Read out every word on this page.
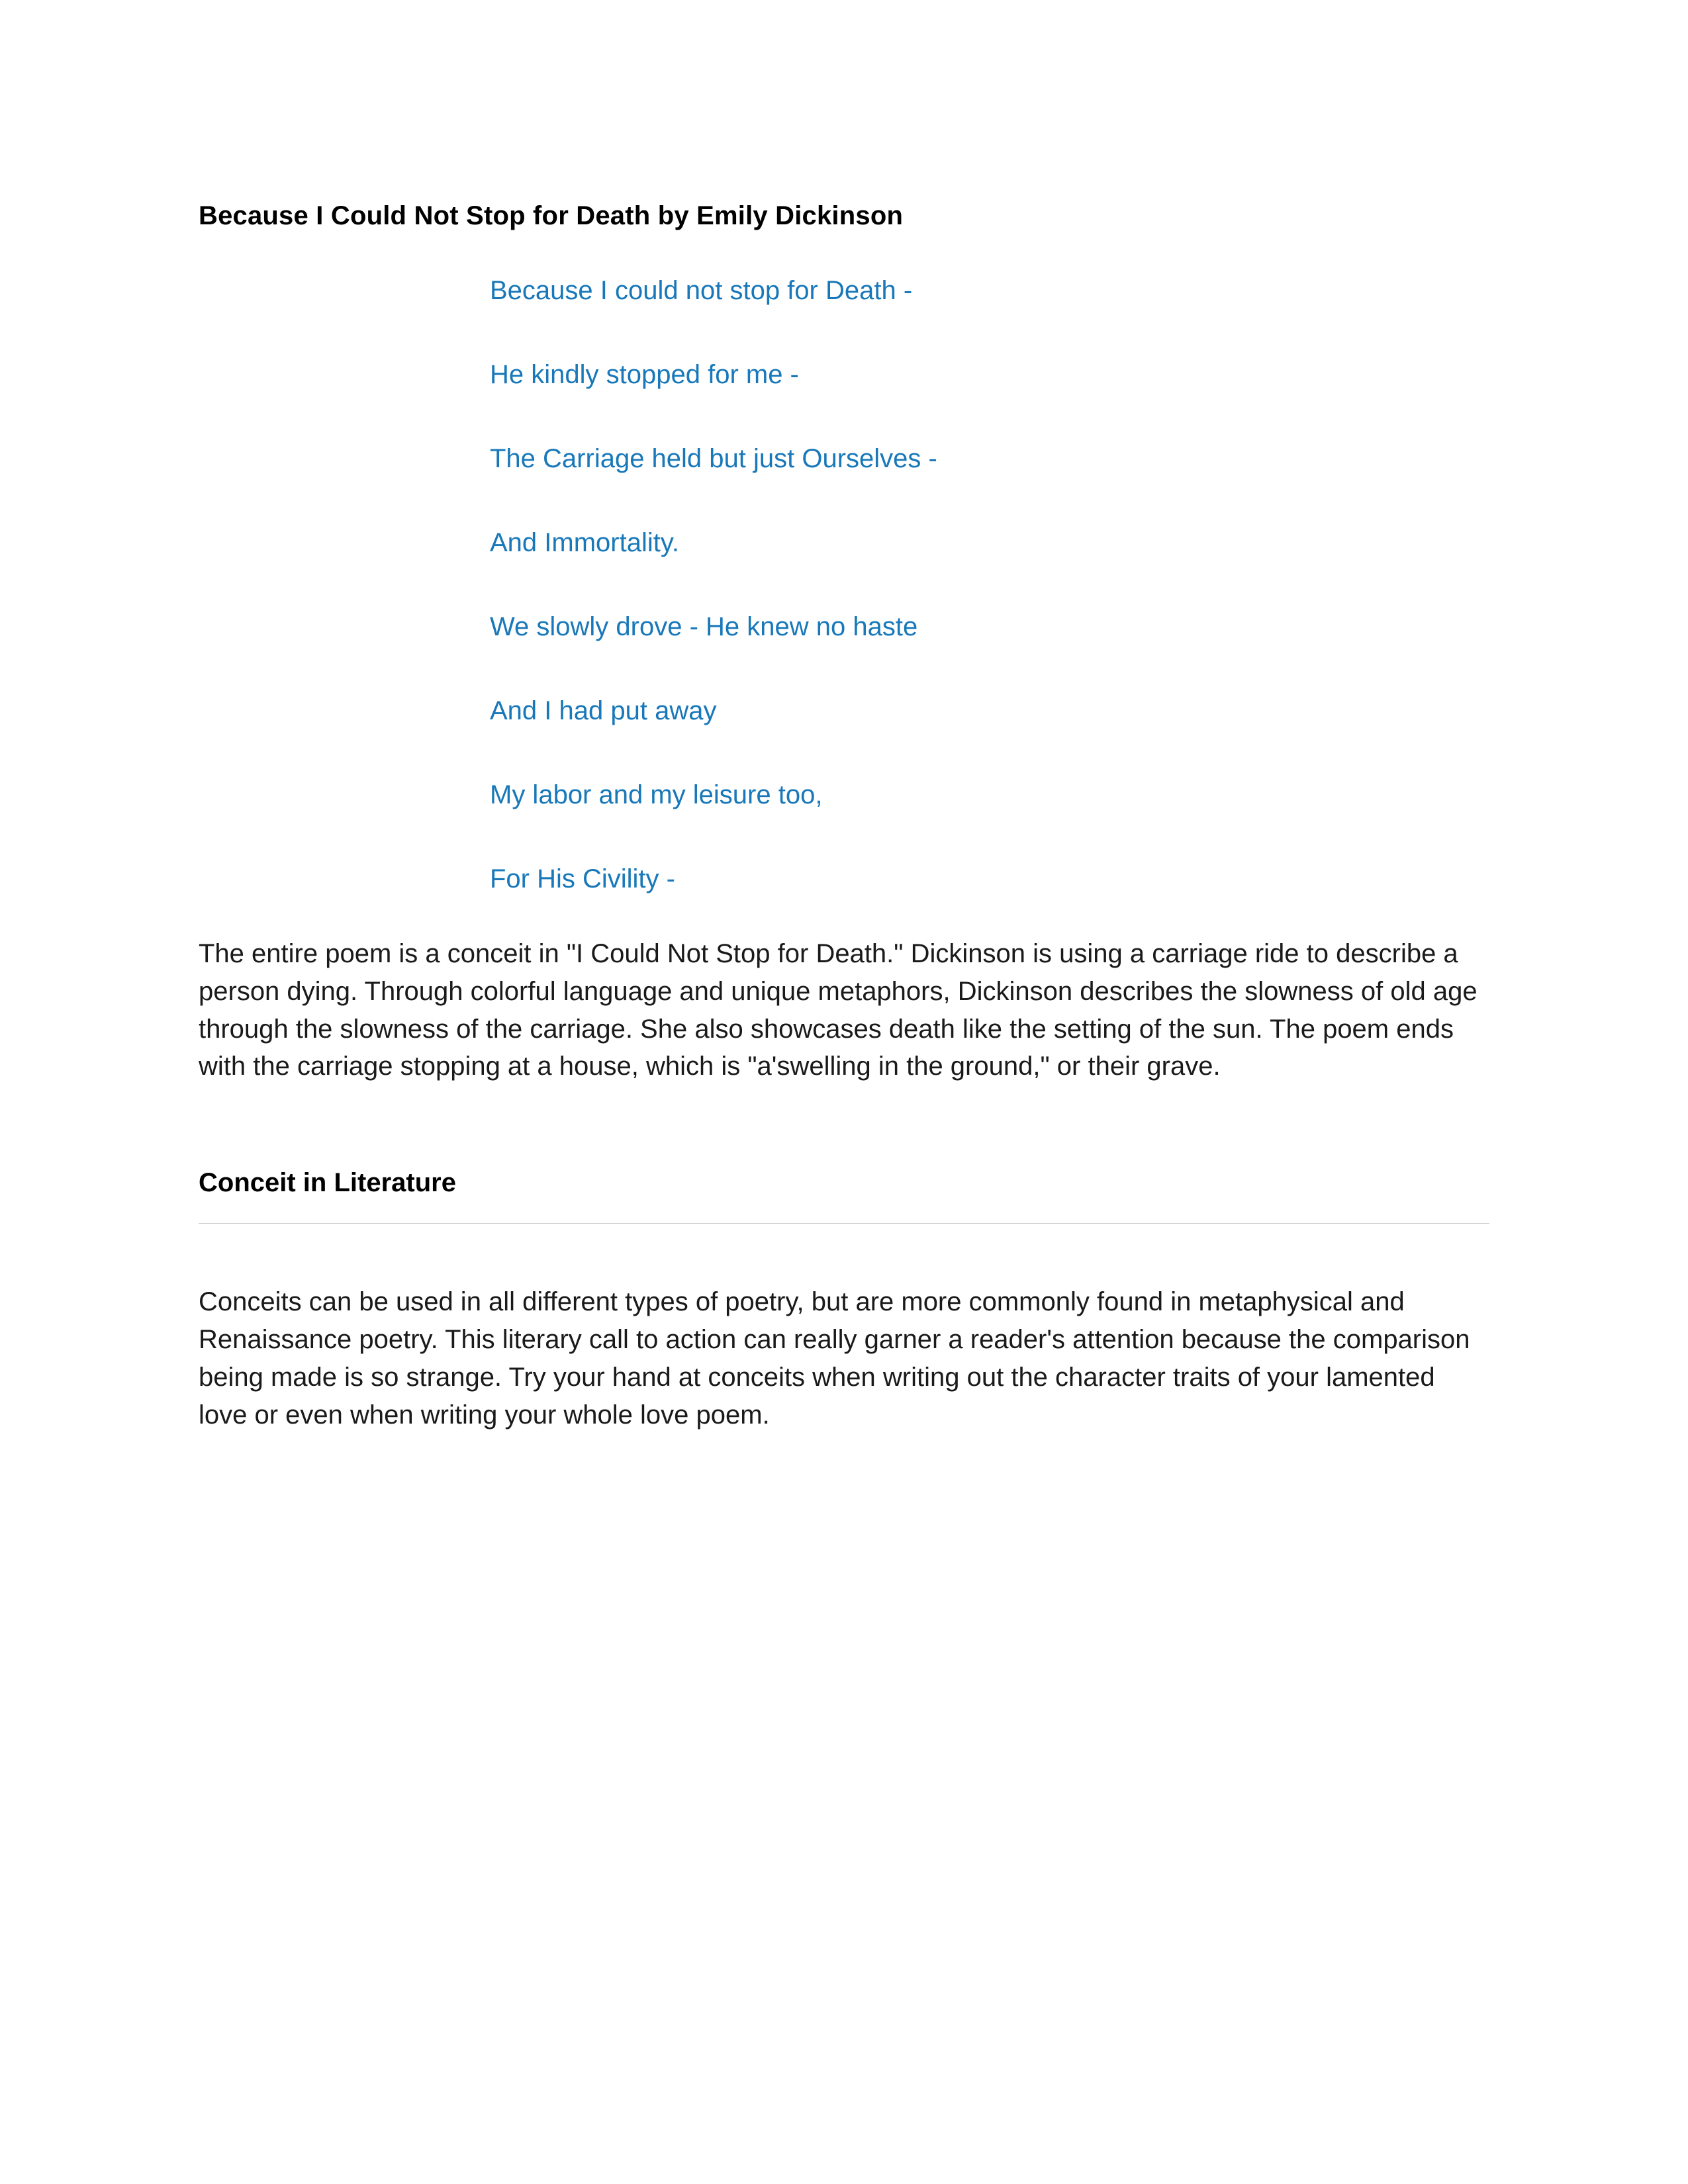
Because I Could Not Stop for Death by Emily Dickinson

Because I could not stop for Death -

He kindly stopped for me -

The Carriage held but just Ourselves -

And Immortality.

We slowly drove - He knew no haste

And I had put away

My labor and my leisure too,

For His Civility -

The entire poem is a conceit in "I Could Not Stop for Death." Dickinson is using a carriage ride to describe a person dying. Through colorful language and unique metaphors, Dickinson describes the slowness of old age through the slowness of the carriage. She also showcases death like the setting of the sun. The poem ends with the carriage stopping at a house, which is "a'swelling in the ground," or their grave.

Conceit in Literature

Conceits can be used in all different types of poetry, but are more commonly found in metaphysical and Renaissance poetry. This literary call to action can really garner a reader's attention because the comparison being made is so strange. Try your hand at conceits when writing out the character traits of your lamented love or even when writing your whole love poem.
